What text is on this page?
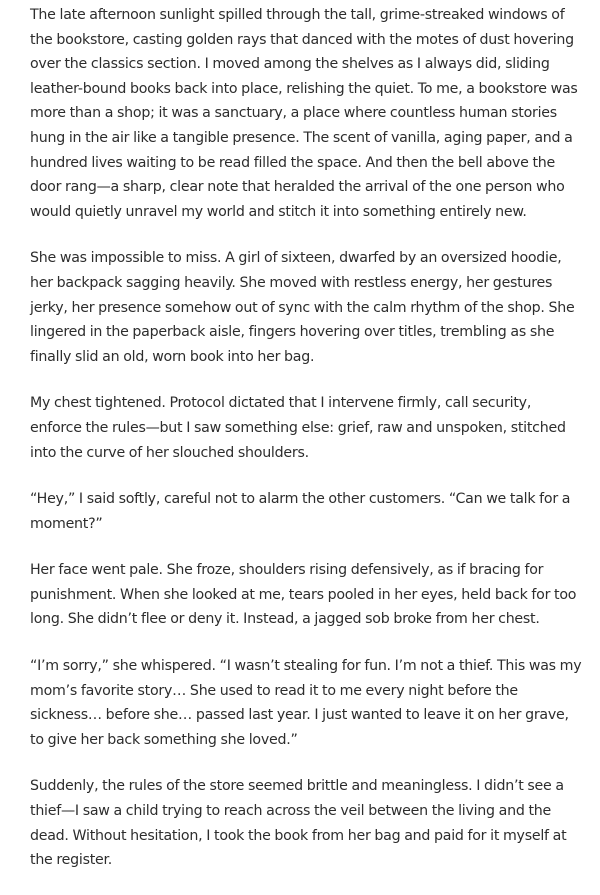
The late afternoon sunlight spilled through the tall, grime-streaked windows of the bookstore, casting golden rays that danced with the motes of dust hovering over the classics section. I moved among the shelves as I always did, sliding leather-bound books back into place, relishing the quiet. To me, a bookstore was more than a shop; it was a sanctuary, a place where countless human stories hung in the air like a tangible presence. The scent of vanilla, aging paper, and a hundred lives waiting to be read filled the space. And then the bell above the door rang—a sharp, clear note that heralded the arrival of the one person who would quietly unravel my world and stitch it into something entirely new.

She was impossible to miss. A girl of sixteen, dwarfed by an oversized hoodie, her backpack sagging heavily. She moved with restless energy, her gestures jerky, her presence somehow out of sync with the calm rhythm of the shop. She lingered in the paperback aisle, fingers hovering over titles, trembling as she finally slid an old, worn book into her bag.

My chest tightened. Protocol dictated that I intervene firmly, call security, enforce the rules—but I saw something else: grief, raw and unspoken, stitched into the curve of her slouched shoulders.

“Hey,” I said softly, careful not to alarm the other customers. “Can we talk for a moment?”

Her face went pale. She froze, shoulders rising defensively, as if bracing for punishment. When she looked at me, tears pooled in her eyes, held back for too long. She didn’t flee or deny it. Instead, a jagged sob broke from her chest.

“I’m sorry,” she whispered. “I wasn’t stealing for fun. I’m not a thief. This was my mom’s favorite story… She used to read it to me every night before the sickness… before she… passed last year. I just wanted to leave it on her grave, to give her back something she loved.”

Suddenly, the rules of the store seemed brittle and meaningless. I didn’t see a thief—I saw a child trying to reach across the veil between the living and the dead. Without hesitation, I took the book from her bag and paid for it myself at the register.
